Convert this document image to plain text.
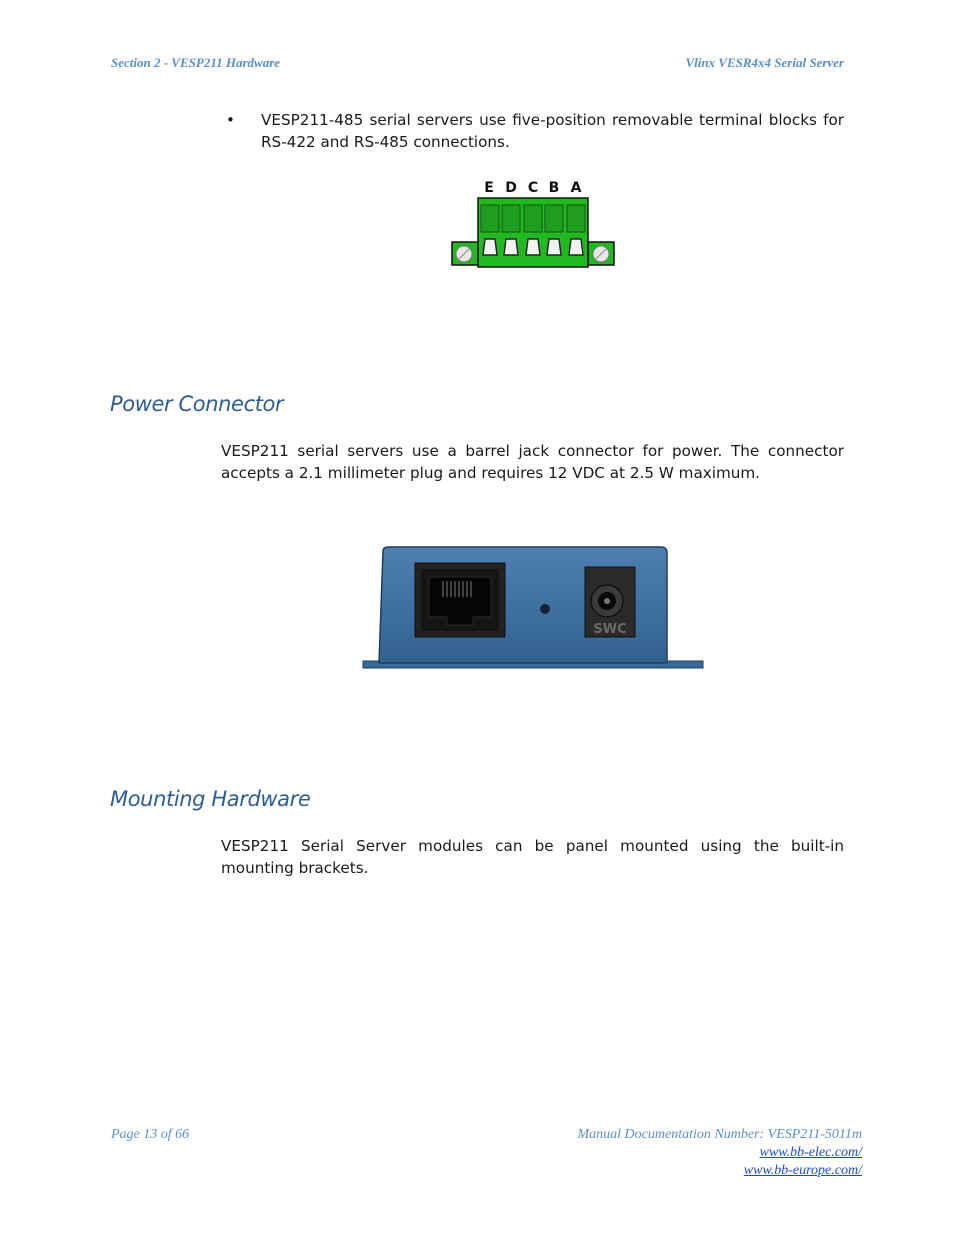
Section 2 - VESP211 Hardware	Vlinx VESR4x4 Serial Server
• VESP211-485 serial servers use five-position removable terminal blocks for RS-422 and RS-485 connections.
E D C B A
Power Connector
VESP211 serial servers use a barrel jack connector for power. The connector accepts a 2.1 millimeter plug and requires 12 VDC at 2.5 W maximum.
SWC
Mounting Hardware
VESP211 Serial Server modules can be panel mounted using the built-in mounting brackets.
Page 13 of 66	Manual Documentation Number: VESP211-5011m
www.bb-elec.com/
www.bb-europe.com/
